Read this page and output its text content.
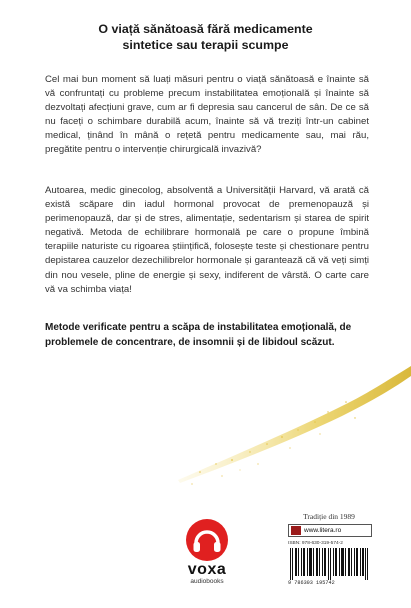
O viață sănătoasă fără medicamente
sintetice sau terapii scumpe
Cel mai bun moment să luați măsuri pentru o viață sănătoasă e înainte să vă confruntați cu probleme precum instabilitatea emoțională și înainte să dezvoltați afecțiuni grave, cum ar fi depresia sau cancerul de sân. De ce să nu faceți o schimbare durabilă acum, înainte să vă treziți într-un cabinet medical, ținând în mână o rețetă pentru medicamente sau, mai rău, pregătite pentru o intervenție chirurgicală invazivă?
Autoarea, medic ginecolog, absolventă a Universității Harvard, vă arată că există scăpare din iadul hormonal provocat de premenopauză și perimenopauză, dar și de stres, alimentație, sedentarism și starea de spirit negativă. Metoda de echilibrare hormonală pe care o propune îmbină terapiile naturiste cu rigoarea științifică, folosește teste și chestionare pentru depistarea cauzelor dezechilibrelor hormonale și garantează că vă veți simți din nou vesele, pline de energie și sexy, indiferent de vârstă. O carte care vă va schimba viața!
Metode verificate pentru a scăpa de instabilitatea emoțională, de problemele de concentrare, de insomnii și de libidoul scăzut.
voxa
audiobooks
Tradiție din 1989
www.litera.ro
ISBN: 978-630-319-574-2
9 786303 195742
